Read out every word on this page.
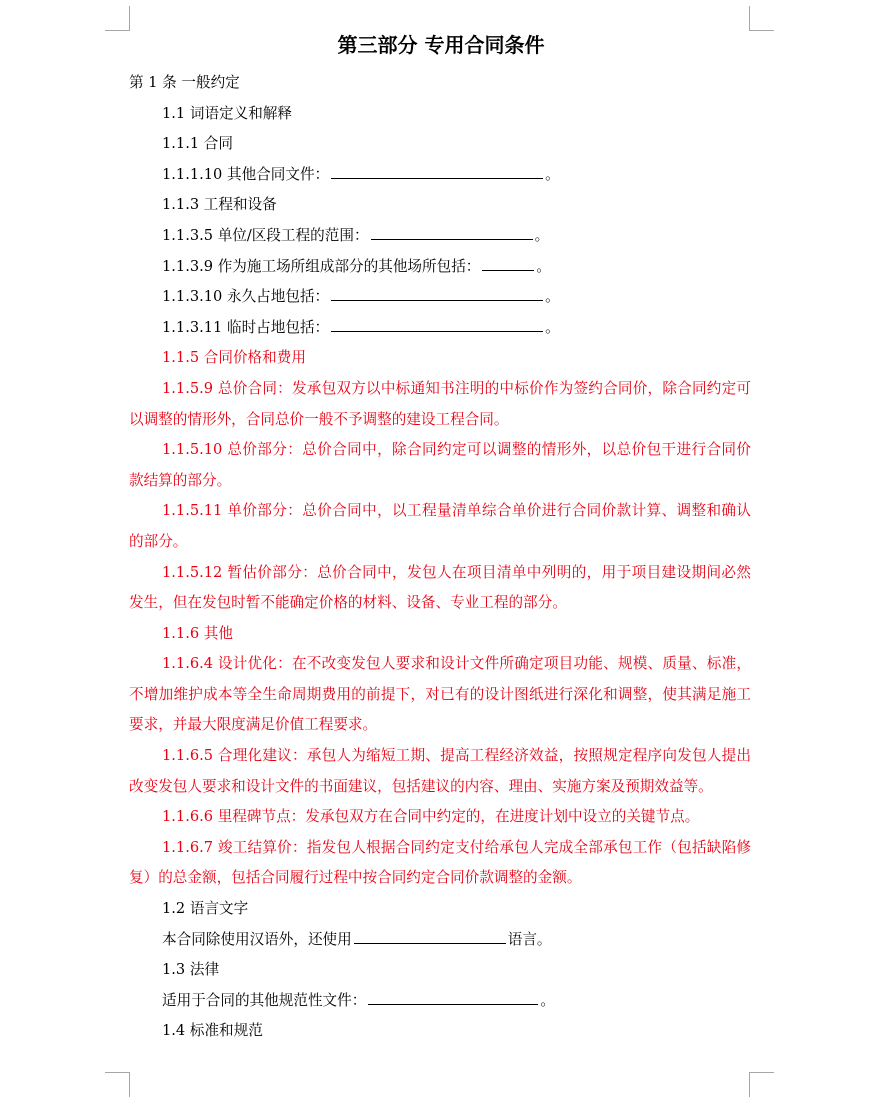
第三部分 专用合同条件
第 1 条 一般约定
1.1 词语定义和解释
1.1.1 合同
1.1.1.10 其他合同文件：	。
1.1.3 工程和设备
1.1.3.5 单位/区段工程的范围：	。
1.1.3.9 作为施工场所组成部分的其他场所包括：	。
1.1.3.10 永久占地包括：	。
1.1.3.11 临时占地包括：	。
1.1.5 合同价格和费用
1.1.5.9 总价合同：发承包双方以中标通知书注明的中标价作为签约合同价，除合同约定可以调整的情形外，合同总价一般不予调整的建设工程合同。
1.1.5.10 总价部分：总价合同中，除合同约定可以调整的情形外，以总价包干进行合同价款结算的部分。
1.1.5.11 单价部分：总价合同中，以工程量清单综合单价进行合同价款计算、调整和确认的部分。
1.1.5.12 暂估价部分：总价合同中，发包人在项目清单中列明的，用于项目建设期间必然发生，但在发包时暂不能确定价格的材料、设备、专业工程的部分。
1.1.6 其他
1.1.6.4 设计优化：在不改变发包人要求和设计文件所确定项目功能、规模、质量、标准，不增加维护成本等全生命周期费用的前提下，对已有的设计图纸进行深化和调整，使其满足施工要求，并最大限度满足价值工程要求。
1.1.6.5 合理化建议：承包人为缩短工期、提高工程经济效益，按照规定程序向发包人提出改变发包人要求和设计文件的书面建议，包括建议的内容、理由、实施方案及预期效益等。
1.1.6.6 里程碑节点：发承包双方在合同中约定的，在进度计划中设立的关键节点。
1.1.6.7 竣工结算价：指发包人根据合同约定支付给承包人完成全部承包工作（包括缺陷修复）的总金额，包括合同履行过程中按合同约定合同价款调整的金额。
1.2 语言文字
本合同除使用汉语外，还使用	语言。
1.3 法律
适用于合同的其他规范性文件：	。
1.4 标准和规范
